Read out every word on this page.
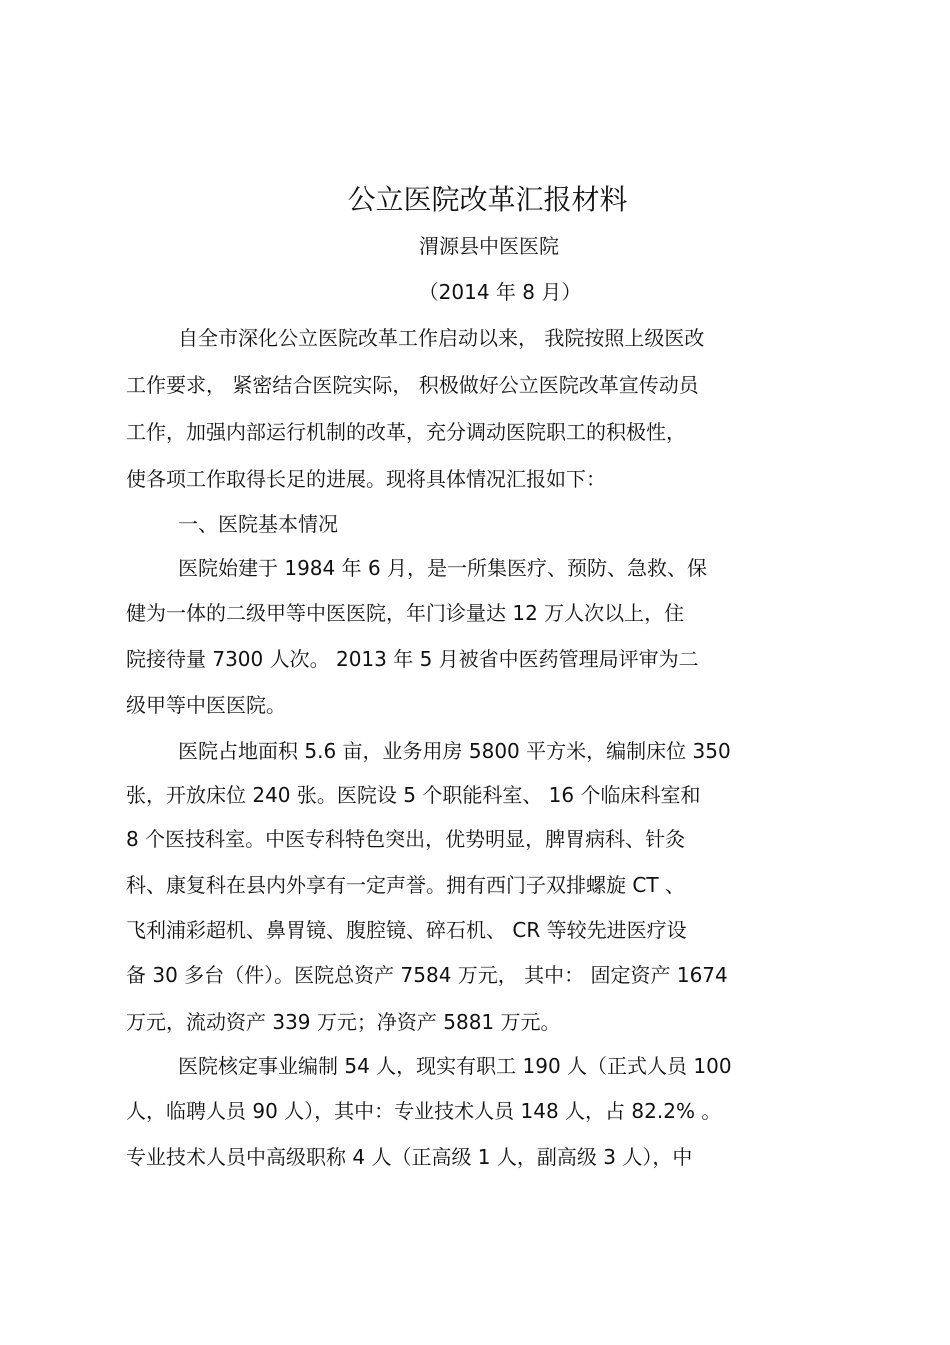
公立医院改革汇报材料
渭源县中医医院
（2014 年 8 月）
自全市深化公立医院改革工作启动以来， 我院按照上级医改
工作要求， 紧密结合医院实际， 积极做好公立医院改革宣传动员
工作，加强内部运行机制的改革，充分调动医院职工的积极性，
使各项工作取得长足的进展。现将具体情况汇报如下：
一、医院基本情况
医院始建于 1984 年 6 月，是一所集医疗、预防、急救、保
健为一体的二级甲等中医医院，年门诊量达 12 万人次以上，住
院接待量 7300 人次。 2013 年 5 月被省中医药管理局评审为二
级甲等中医医院。
医院占地面积 5.6 亩，业务用房 5800 平方米，编制床位 350
张，开放床位 240 张。医院设 5 个职能科室、 16 个临床科室和
8 个医技科室。中医专科特色突出，优势明显，脾胃病科、针灸
科、康复科在县内外享有一定声誉。拥有西门子双排螺旋 CT 、
飞利浦彩超机、鼻胃镜、腹腔镜、碎石机、 CR 等较先进医疗设
备 30 多台（件）。医院总资产 7584 万元， 其中： 固定资产 1674
万元，流动资产 339 万元；净资产 5881 万元。
医院核定事业编制 54 人，现实有职工 190 人（正式人员 100
人，临聘人员 90 人），其中：专业技术人员 148 人，占 82.2% 。
专业技术人员中高级职称 4 人（正高级 1 人，副高级 3 人），中
